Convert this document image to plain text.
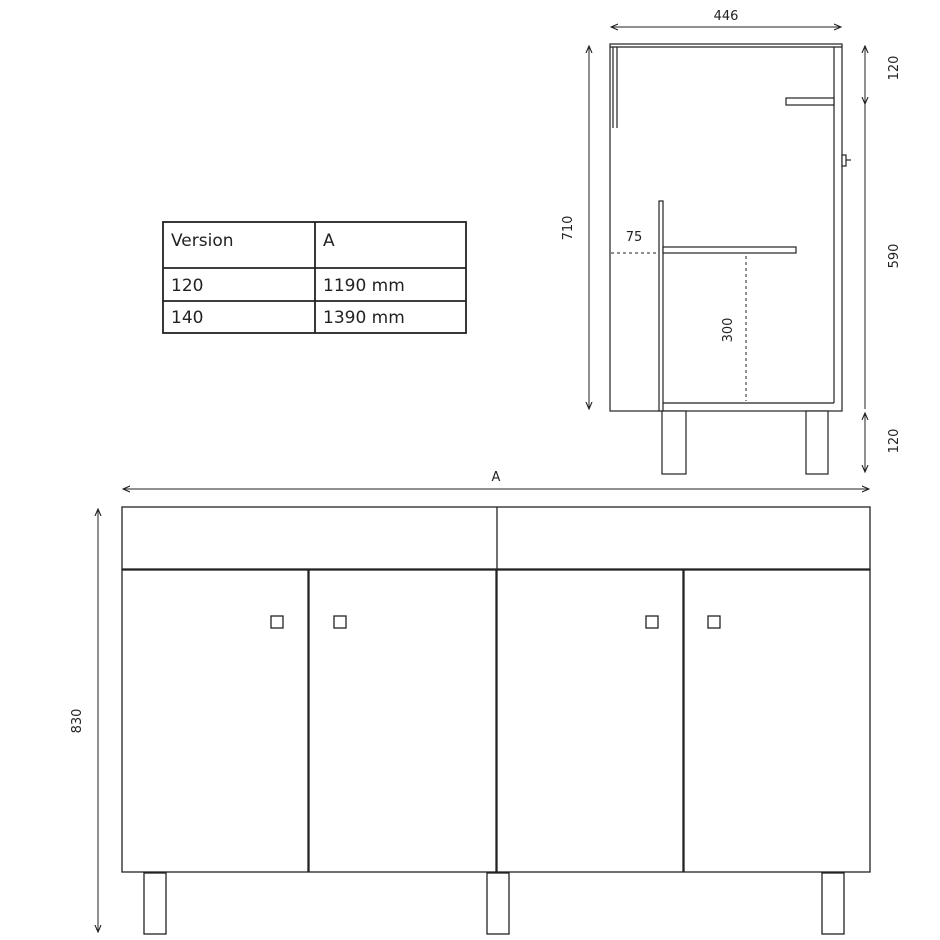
Version	A
120	1190 mm
140	1390 mm
446
710
120
590
120
75
300
A
830
